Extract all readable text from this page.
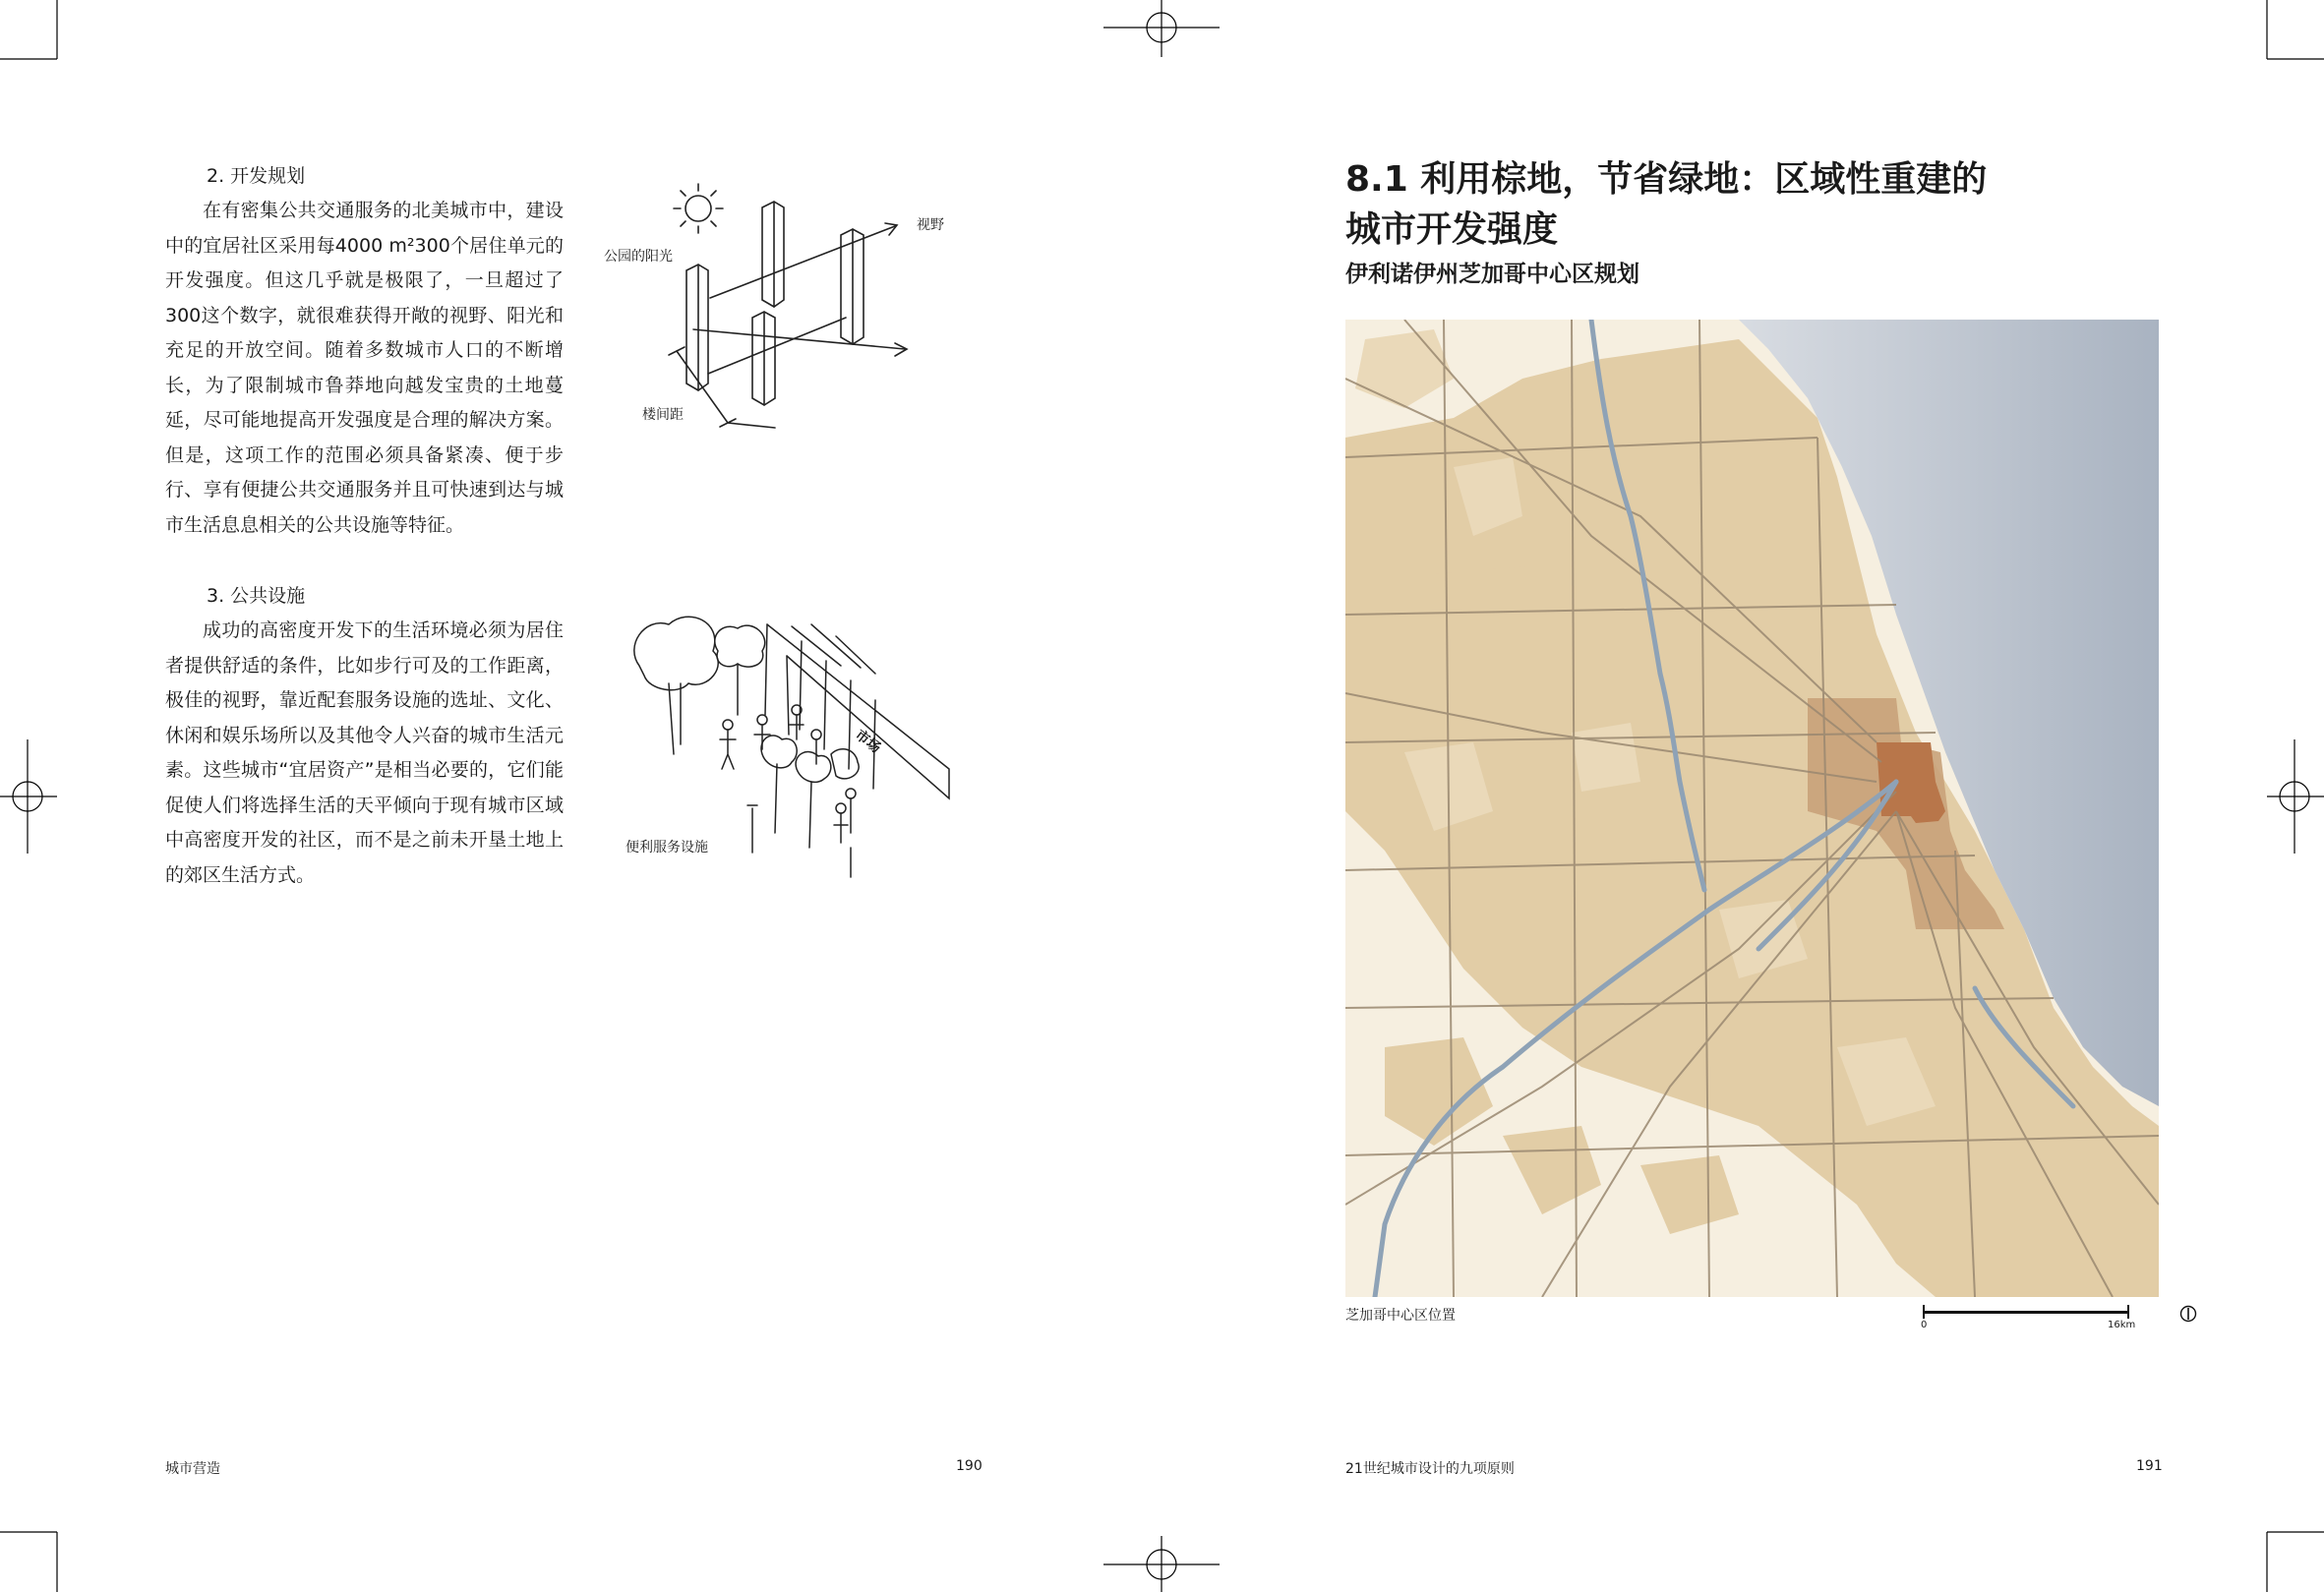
2. 开发规划

在有密集公共交通服务的北美城市中，建设中的宜居社区采用每4000 m²300个居住单元的开发强度。但这几乎就是极限了，一旦超过了300这个数字，就很难获得开敞的视野、阳光和充足的开放空间。随着多数城市人口的不断增长，为了限制城市鲁莽地向越发宝贵的土地蔓延，尽可能地提高开发强度是合理的解决方案。但是，这项工作的范围必须具备紧凑、便于步行、享有便捷公共交通服务并且可快速到达与城市生活息息相关的公共设施等特征。

3. 公共设施

成功的高密度开发下的生活环境必须为居住者提供舒适的条件，比如步行可及的工作距离，极佳的视野，靠近配套服务设施的选址、文化、休闲和娱乐场所以及其他令人兴奋的城市生活元素。这些城市“宜居资产”是相当必要的，它们能促使人们将选择生活的天平倾向于现有城市区域中高密度开发的社区，而不是之前未开垦土地上的郊区生活方式。

公园的阳光
视野
楼间距
市场
便利服务设施
城市营造	190
8.1 利用棕地，节省绿地：区域性重建的
城市开发强度
伊利诺伊州芝加哥中心区规划
芝加哥中心区位置
0	16km
21世纪城市设计的九项原则	191
